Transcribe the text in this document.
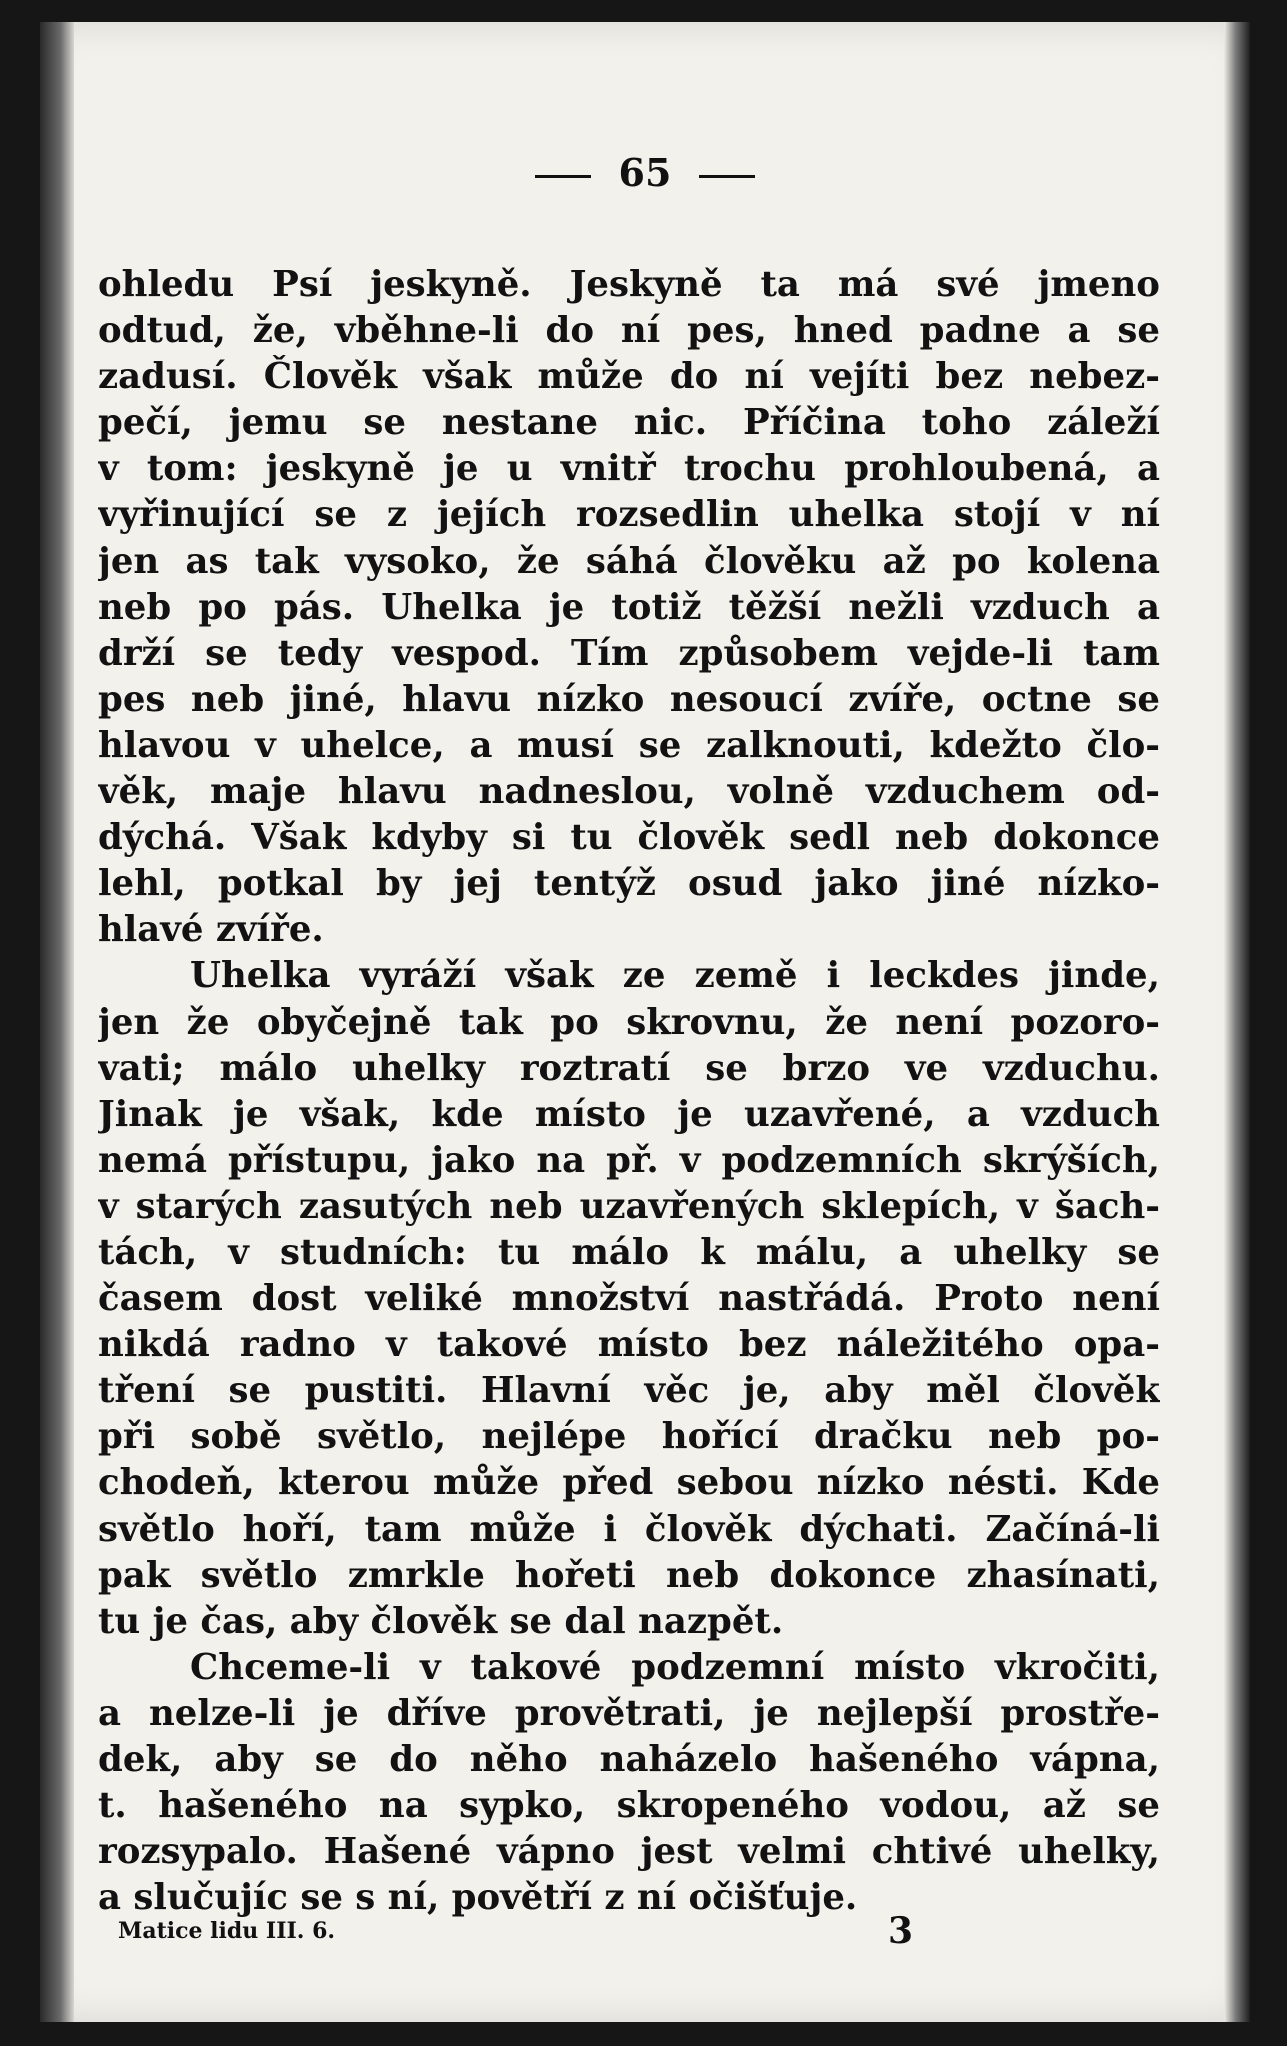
65
ohledu Psí jeskyně. Jeskyně ta má své jmeno
odtud, že, vběhne-li do ní pes, hned padne a se
zadusí. Člověk však může do ní vejíti bez nebez-
pečí, jemu se nestane nic. Příčina toho záleží
v tom: jeskyně je u vnitř trochu prohloubená, a
vyřinující se z jejích rozsedlin uhelka stojí v ní
jen as tak vysoko, že sáhá člověku až po kolena
neb po pás. Uhelka je totiž těžší nežli vzduch a
drží se tedy vespod. Tím způsobem vejde-li tam
pes neb jiné, hlavu nízko nesoucí zvíře, octne se
hlavou v uhelce, a musí se zalknouti, kdežto člo-
věk, maje hlavu nadneslou, volně vzduchem od-
dýchá. Však kdyby si tu člověk sedl neb dokonce
lehl, potkal by jej tentýž osud jako jiné nízko-
hlavé zvíře.
Uhelka vyráží však ze země i leckdes jinde,
jen že obyčejně tak po skrovnu, že není pozoro-
vati; málo uhelky roztratí se brzo ve vzduchu.
Jinak je však, kde místo je uzavřené, a vzduch
nemá přístupu, jako na př. v podzemních skrýších,
v starých zasutých neb uzavřených sklepích, v šach-
tách, v studních: tu málo k málu, a uhelky se
časem dost veliké množství nastřádá. Proto není
nikdá radno v takové místo bez náležitého opa-
tření se pustiti. Hlavní věc je, aby měl člověk
při sobě světlo, nejlépe hořící dračku neb po-
chodeň, kterou může před sebou nízko nésti. Kde
světlo hoří, tam může i člověk dýchati. Začíná-li
pak světlo zmrkle hořeti neb dokonce zhasínati,
tu je čas, aby člověk se dal nazpět.
Chceme-li v takové podzemní místo vkročiti,
a nelze-li je dříve provětrati, je nejlepší prostře-
dek, aby se do něho naházelo hašeného vápna,
t. hašeného na sypko, skropeného vodou, až se
rozsypalo. Hašené vápno jest velmi chtivé uhelky,
a slučujíc se s ní, povětří z ní očišťuje.
Matice lidu III. 6.	3
